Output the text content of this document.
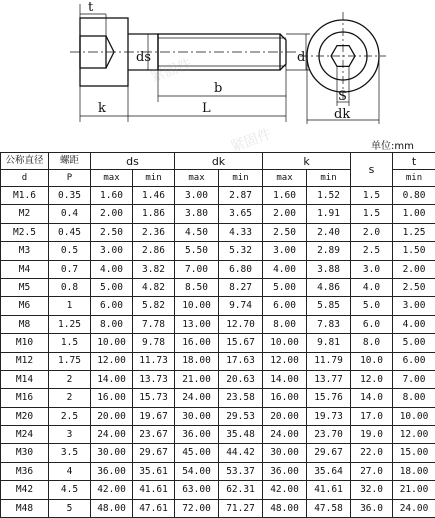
t
ds	d
b
k	L
S
dk
单位:mm
公称直径	螺距	ds		dk		k		s	t
d	P								
		max	min	max	min	max	min		min
M1.6	0.35	1.60	1.46	3.00	2.87	1.60	1.52	1.5	0.80
M2	0.4	2.00	1.86	3.80	3.65	2.00	1.91	1.5	1.00
M2.5	0.45	2.50	2.36	4.50	4.33	2.50	2.40	2.0	1.25
M3	0.5	3.00	2.86	5.50	5.32	3.00	2.89	2.5	1.50
M4	0.7	4.00	3.82	7.00	6.80	4.00	3.88	3.0	2.00
M5	0.8	5.00	4.82	8.50	8.27	5.00	4.86	4.0	2.50
M6	1	6.00	5.82	10.00	9.74	6.00	5.85	5.0	3.00
M8	1.25	8.00	7.78	13.00	12.70	8.00	7.83	6.0	4.00
M10	1.5	10.00	9.78	16.00	15.67	10.00	9.81	8.0	5.00
M12	1.75	12.00	11.73	18.00	17.63	12.00	11.79	10.0	6.00
M14	2	14.00	13.73	21.00	20.63	14.00	13.77	12.0	7.00
M16	2	16.00	15.73	24.00	23.58	16.00	15.76	14.0	8.00
M20	2.5	20.00	19.67	30.00	29.53	20.00	19.73	17.0	10.00
M24	3	24.00	23.67	36.00	35.48	24.00	23.70	19.0	12.00
M30	3.5	30.00	29.67	45.00	44.42	30.00	29.67	22.0	15.00
M36	4	36.00	35.61	54.00	53.37	36.00	35.64	27.0	18.00
M42	4.5	42.00	41.61	63.00	62.31	42.00	41.61	32.0	21.00
M48	5	48.00	47.61	72.00	71.27	48.00	47.58	36.0	24.00
紧固件
紧固件
